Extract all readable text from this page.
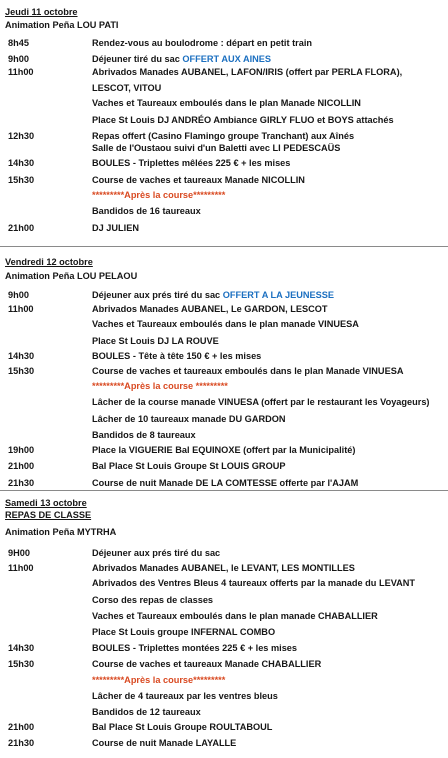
Jeudi 11 octobre
Animation Peña LOU PATI
8h45	Rendez-vous au boulodrome : départ en petit train
9h00	Déjeuner tiré du sac OFFERT AUX AINES
11h00	Abrivados Manades AUBANEL, LAFON/IRIS (offert par PERLA FLORA),
LESCOT, VITOU
Vaches et Taureaux emboulés dans le plan Manade NICOLLIN
Place St Louis DJ ANDRÉO Ambiance GIRLY FLUO et BOYS attachés
12h30	Repas offert (Casino Flamingo groupe Tranchant) aux Aînés
Salle de l'Oustaou suivi d'un Baletti avec LI PEDESCAÜS
14h30	BOULES - Triplettes mêlées 225 € + les mises
15h30	Course de vaches et taureaux Manade NICOLLIN
*********Après la course*********
Bandidos de 16 taureaux
21h00	DJ JULIEN
Vendredi 12 octobre
Animation Peña LOU PELAOU
9h00	Déjeuner aux prés tiré du sac OFFERT A LA JEUNESSE
11h00	Abrivados Manades AUBANEL, Le GARDON, LESCOT
Vaches et Taureaux emboulés dans le plan manade VINUESA
Place St Louis DJ LA ROUVE
14h30	BOULES - Tête à tête 150 € + les mises
15h30	Course de vaches et taureaux emboulés dans le plan Manade VINUESA
*********Après la course *********
Lâcher de la course manade VINUESA (offert par le restaurant les Voyageurs)
Lâcher de 10 taureaux manade DU GARDON
Bandidos de 8 taureaux
19h00	Place la VIGUERIE Bal EQUINOXE (offert par la Municipalité)
21h00	Bal Place St Louis Groupe St LOUIS GROUP
21h30	Course de nuit Manade DE LA COMTESSE offerte par l'AJAM
Samedi 13 octobre
REPAS DE CLASSE
Animation Peña MYTRHA
9H00	Déjeuner aux prés tiré du sac
11h00	Abrivados Manades AUBANEL, le LEVANT, LES MONTILLES
Abrivados des Ventres Bleus 4 taureaux offerts par la manade du LEVANT
Corso des repas de classes
Vaches et Taureaux emboulés dans le plan manade CHABALLIER
Place St Louis groupe INFERNAL COMBO
14h30	BOULES - Triplettes montées 225 € + les mises
15h30	Course de vaches et taureaux Manade CHABALLIER
*********Après la course*********
Lâcher de 4 taureaux par les ventres bleus
Bandidos de 12 taureaux
21h00	Bal Place St Louis Groupe ROULTABOUL
21h30	Course de nuit Manade LAYALLE
